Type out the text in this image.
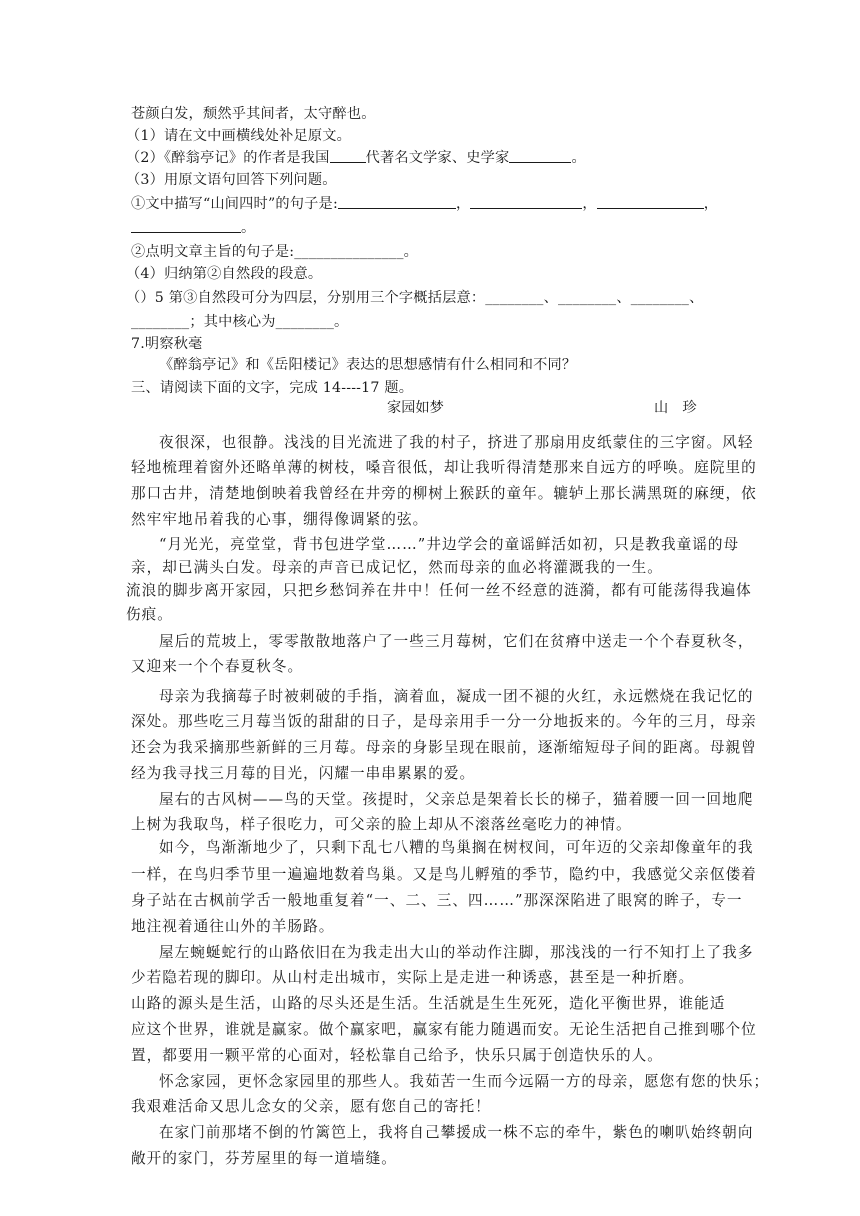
苍颜白发，颓然乎其间者，太守醉也。
（1）请在文中画横线处补足原文。
（2）《醉翁亭记》的作者是我国	代著名文学家、史学家	。
（3）用原文语句回答下列问题。
①文中描写“山间四时”的句子是:	，	，	，
。
②点明文章主旨的句子是:_______________。
（4）归纳第②自然段的段意。
（）5 第③自然段可分为四层，分别用三个字概括层意：________、________、________、
________；其中核心为________。
7.明察秋毫
《醉翁亭记》和《岳阳楼记》表达的思想感情有什么相同和不同？
三、请阅读下面的文字，完成 14----17 题。
家园如梦	山　珍
夜很深，也很静。浅浅的目光流进了我的村子，挤进了那扇用皮纸蒙住的三字窗。风轻
轻地梳理着窗外还略单薄的树枝，嗓音很低，却让我听得清楚那来自远方的呼唤。庭院里的
那口古井，清楚地倒映着我曾经在井旁的柳树上猴跃的童年。辘轳上那长满黑斑的麻绠，依
然牢牢地吊着我的心事，绷得像调紧的弦。
“月光光，亮堂堂，背书包进学堂……”井边学会的童谣鲜活如初，只是教我童谣的母
亲，却已满头白发。母亲的声音已成记忆，然而母亲的血必将灌溉我的一生。
流浪的脚步离开家园，只把乡愁饲养在井中！任何一丝不经意的涟漪，都有可能荡得我遍体
伤痕。
屋后的荒坡上，零零散散地落户了一些三月莓树，它们在贫瘠中送走一个个春夏秋冬，
又迎来一个个春夏秋冬。
母亲为我摘莓子时被刺破的手指，滴着血，凝成一团不褪的火红，永远燃烧在我记忆的
深处。那些吃三月莓当饭的甜甜的日子，是母亲用手一分一分地扳来的。今年的三月，母亲
还会为我采摘那些新鲜的三月莓。母亲的身影呈现在眼前，逐渐缩短母子间的距离。母親曾
经为我寻找三月莓的目光，闪耀一串串累累的爱。
屋右的古风树——鸟的天堂。孩提时，父亲总是架着长长的梯子，猫着腰一回一回地爬
上树为我取鸟，样子很吃力，可父亲的脸上却从不滚落丝毫吃力的神情。
如今，鸟渐渐地少了，只剩下乱七八糟的鸟巢搁在树杈间，可年迈的父亲却像童年的我
一样，在鸟归季节里一遍遍地数着鸟巢。又是鸟儿孵殖的季节，隐约中，我感觉父亲伛偻着
身子站在古枫前学舌一般地重复着“一、二、三、四……”那深深陷进了眼窝的眸子，专一
地注视着通往山外的羊肠路。
屋左蜿蜒蛇行的山路依旧在为我走出大山的举动作注脚，那浅浅的一行不知打上了我多
少若隐若现的脚印。从山村走出城市，实际上是走进一种诱惑，甚至是一种折磨。
山路的源头是生活，山路的尽头还是生活。生活就是生生死死，造化平衡世界，谁能适
应这个世界，谁就是赢家。做个赢家吧，赢家有能力随遇而安。无论生活把自己推到哪个位
置，都要用一颗平常的心面对，轻松靠自己给予，快乐只属于创造快乐的人。
怀念家园，更怀念家园里的那些人。我茹苦一生而今远隔一方的母亲，愿您有您的快乐；
我艰难活命又思儿念女的父亲，愿有您自己的寄托！
在家门前那堵不倒的竹篱笆上，我将自己攀援成一株不忘的牵牛，紫色的喇叭始终朝向
敞开的家门，芬芳屋里的每一道墙缝。
